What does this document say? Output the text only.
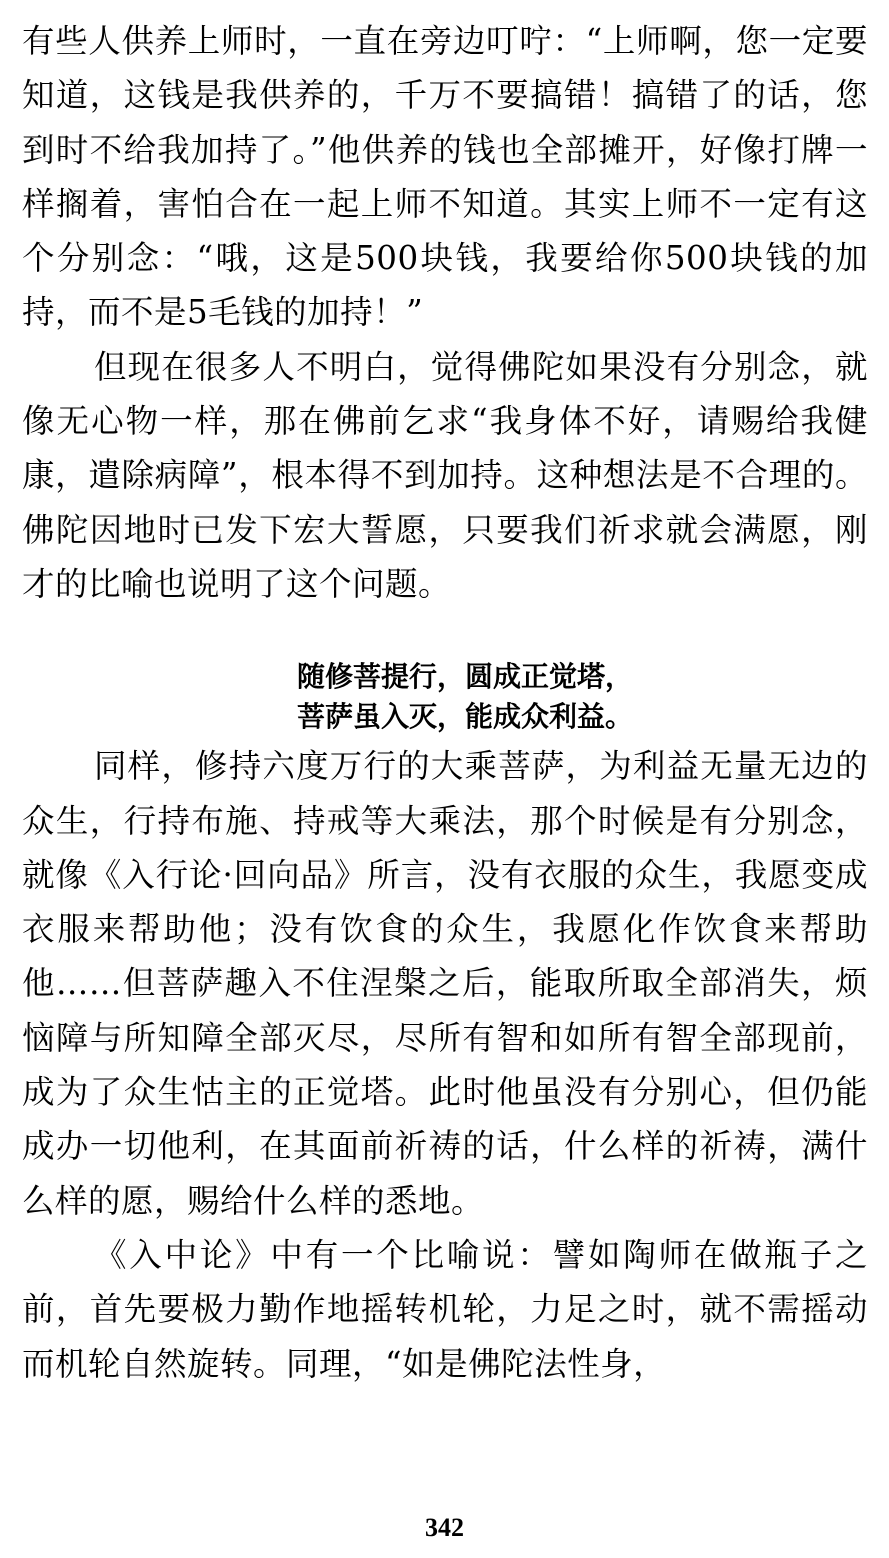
有些人供养上师时，一直在旁边叮咛：“上师啊，您一定要知道，这钱是我供养的，千万不要搞错！搞错了的话，您到时不给我加持了。”他供养的钱也全部摊开，好像打牌一样搁着，害怕合在一起上师不知道。其实上师不一定有这个分别念：“哦，这是500块钱，我要给你500块钱的加持，而不是5毛钱的加持！”

但现在很多人不明白，觉得佛陀如果没有分别念，就像无心物一样，那在佛前乞求“我身体不好，请赐给我健康，遣除病障”，根本得不到加持。这种想法是不合理的。佛陀因地时已发下宏大誓愿，只要我们祈求就会满愿，刚才的比喻也说明了这个问题。

随修菩提行，圆成正觉塔，

菩萨虽入灭，能成众利益。

同样，修持六度万行的大乘菩萨，为利益无量无边的众生，行持布施、持戒等大乘法，那个时候是有分别念，就像《入行论·回向品》所言，没有衣服的众生，我愿变成衣服来帮助他；没有饮食的众生，我愿化作饮食来帮助他……但菩萨趣入不住涅槃之后，能取所取全部消失，烦恼障与所知障全部灭尽，尽所有智和如所有智全部现前，成为了众生怙主的正觉塔。此时他虽没有分别心，但仍能成办一切他利，在其面前祈祷的话，什么样的祈祷，满什么样的愿，赐给什么样的悉地。

《入中论》中有一个比喻说：譬如陶师在做瓶子之前，首先要极力勤作地摇转机轮，力足之时，就不需摇动而机轮自然旋转。同理，“如是佛陀法性身，

342
